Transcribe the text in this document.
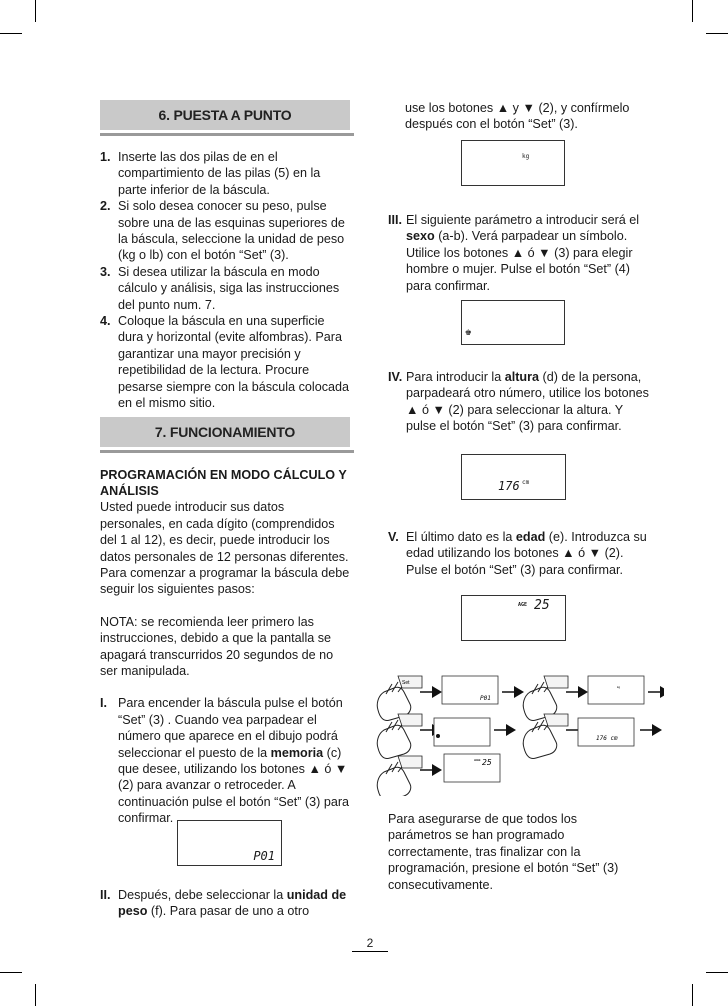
6. PUESTA A PUNTO
1. Inserte las dos pilas de en el compartimiento de las pilas (5) en la parte inferior de la báscula.
2. Si solo desea conocer su peso, pulse sobre una de las esquinas superiores de la báscula, seleccione la unidad de peso (kg o lb) con el botón “Set” (3).
3. Si desea utilizar la báscula en modo cálculo y análisis, siga las instrucciones del punto num. 7.
4. Coloque la báscula en una superficie dura y horizontal (evite alfombras). Para garantizar una mayor precisión y repetibilidad de la lectura. Procure pesarse siempre con la báscula colocada en el mismo sitio.
7. FUNCIONAMIENTO

PROGRAMACIÓN EN MODO CÁLCULO Y ANÁLISIS

Usted puede introducir sus datos personales, en cada dígito (comprendidos del 1 al 12), es decir, puede introducir los datos personales de 12 personas diferentes. Para comenzar a programar la báscula debe seguir los siguientes pasos:

NOTA: se recomienda leer primero las instrucciones, debido a que la pantalla se apagará transcurridos 20 segundos de no ser manipulada.

I. Para encender la báscula pulse el botón “Set” (3) . Cuando vea parpadear el número que aparece en el dibujo podrá seleccionar el puesto de la memoria (c) que desee, utilizando los botones ▲ ó ▼ (2) para avanzar o retroceder. A continuación pulse el botón “Set” (3) para confirmar.
P01
II. Después, debe seleccionar la unidad de peso (f). Para pasar de uno a otro

use los botones ▲ y ▼ (2), y confírmelo después con el botón “Set” (3).

kg
III. El siguiente parámetro a introducir será el sexo (a-b). Verá parpadear un símbolo. Utilice los botones ▲ ó ▼ (3) para elegir hombre o mujer. Pulse el botón “Set” (4) para confirmar.
♚
IV. Para introducir la altura (d) de la persona, parpadeará otro número, utilice los botones ▲ ó ▼ (2) para seleccionar la altura. Y pulse el botón “Set” (3) para confirmar.
176 cm
V. El último dato es la edad (e). Introduzca su edad utilizando los botones ▲ ó ▼ (2). Pulse el botón “Set” (3) para confirmar.
AGE 25
Set
P01
kg
176 cm
AGE 25

Para asegurarse de que todos los parámetros se han programado correctamente, tras finalizar con la programación, presione el botón “Set” (3) consecutivamente.

2
